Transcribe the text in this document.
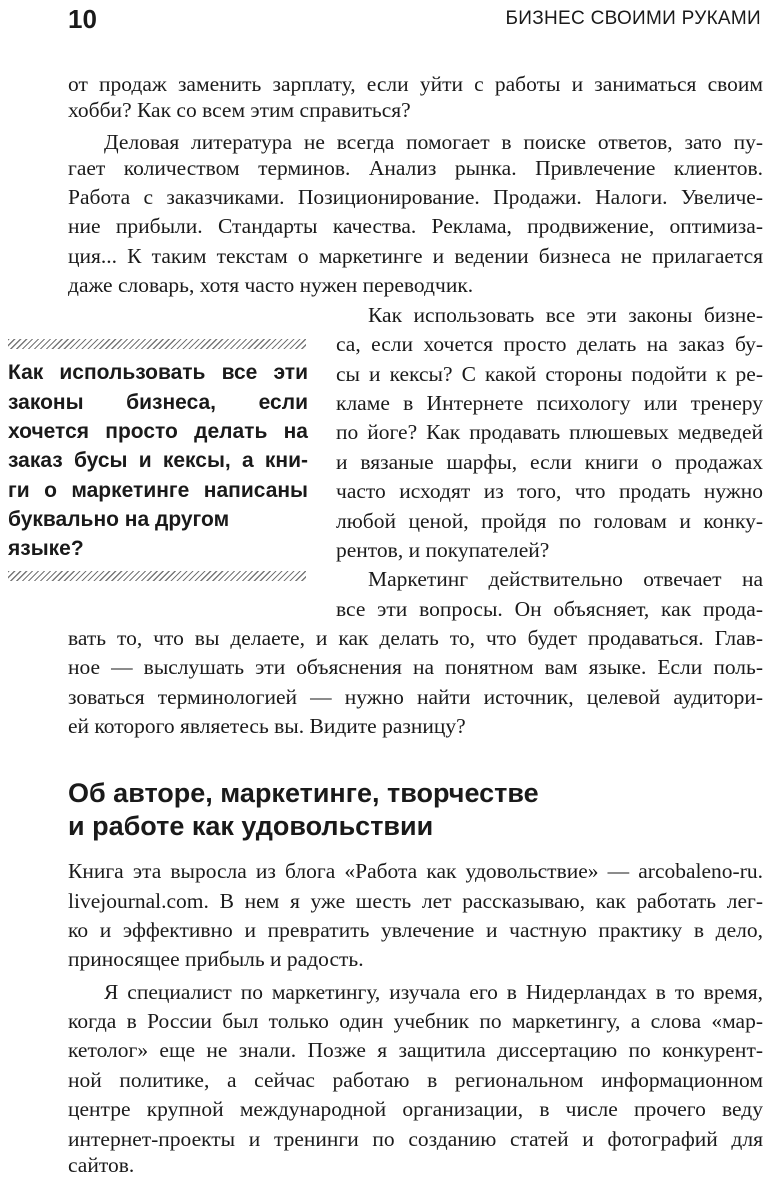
10	БИЗНЕС СВОИМИ РУКАМИ

от продаж заменить зарплату, если уйти с работы и заниматься своим

хобби? Как со всем этим справиться?

Деловая литература не всегда помогает в поиске ответов, зато пу-

гает количеством терминов. Анализ рынка. Привлечение клиентов.

Работа с заказчиками. Позиционирование. Продажи. Налоги. Увеличе-

ние прибыли. Стандарты качества. Реклама, продвижение, оптимиза-

ция... К таким текстам о маркетинге и ведении бизнеса не прилагается

даже словарь, хотя часто нужен переводчик.

Как использовать все эти

законы бизнеса, если

хочется просто делать на

заказ бусы и кексы, а кни-

ги о маркетинге написаны

буквально на другом

языке?

Как использовать все эти законы бизне-

са, если хочется просто делать на заказ бу-

сы и кексы? С какой стороны подойти к ре-

кламе в Интернете психологу или тренеру

по йоге? Как продавать плюшевых медведей

и вязаные шарфы, если книги о продажах

часто исходят из того, что продать нужно

любой ценой, пройдя по головам и конку-

рентов, и покупателей?

Маркетинг действительно отвечает на

все эти вопросы. Он объясняет, как прода-

вать то, что вы делаете, и как делать то, что будет продаваться. Глав-

ное — выслушать эти объяснения на понятном вам языке. Если поль-

зоваться терминологией — нужно найти источник, целевой аудитори-

ей которого являетесь вы. Видите разницу?

Об авторе, маркетинге, творчестве
и работе как удовольствии

Книга эта выросла из блога «Работа как удовольствие» — arcobaleno-ru.

livejournal.com. В нем я уже шесть лет рассказываю, как работать лег-

ко и эффективно и превратить увлечение и частную практику в дело,

приносящее прибыль и радость.

Я специалист по маркетингу, изучала его в Нидерландах в то время,

когда в России был только один учебник по маркетингу, а слова «мар-

кетолог» еще не знали. Позже я защитила диссертацию по конкурент-

ной политике, а сейчас работаю в региональном информационном

центре крупной международной организации, в числе прочего веду

интернет-проекты и тренинги по созданию статей и фотографий для

сайтов.
